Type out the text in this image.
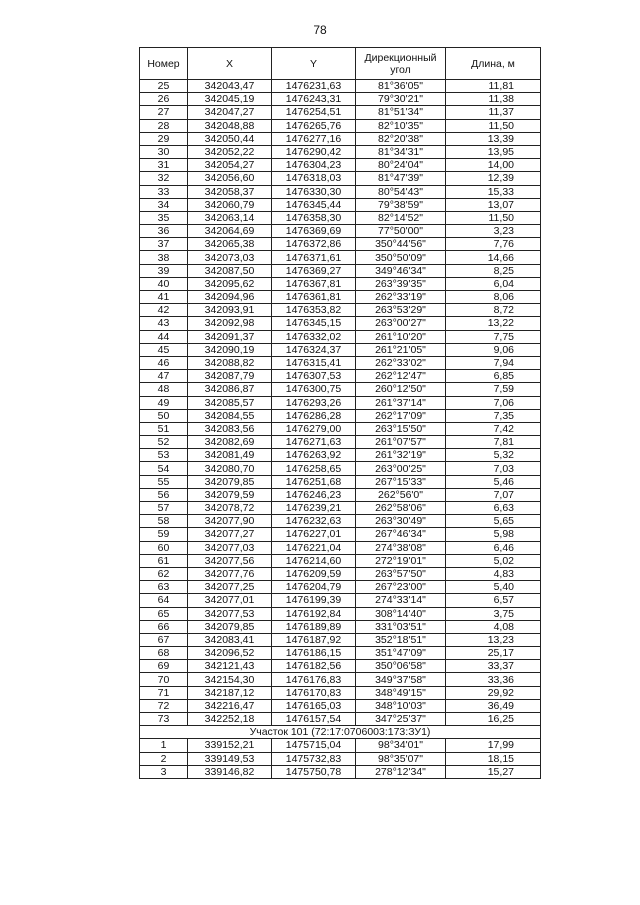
78
Номер	X	Y	Дирекционный угол	Длина, м
25	342043,47	1476231,63	81°36'05"	11,81
26	342045,19	1476243,31	79°30'21"	11,38
27	342047,27	1476254,51	81°51'34"	11,37
28	342048,88	1476265,76	82°10'35"	11,50
29	342050,44	1476277,16	82°20'38"	13,39
30	342052,22	1476290,42	81°34'31"	13,95
31	342054,27	1476304,23	80°24'04"	14,00
32	342056,60	1476318,03	81°47'39"	12,39
33	342058,37	1476330,30	80°54'43"	15,33
34	342060,79	1476345,44	79°38'59"	13,07
35	342063,14	1476358,30	82°14'52"	11,50
36	342064,69	1476369,69	77°50'00"	3,23
37	342065,38	1476372,86	350°44'56"	7,76
38	342073,03	1476371,61	350°50'09"	14,66
39	342087,50	1476369,27	349°46'34"	8,25
40	342095,62	1476367,81	263°39'35"	6,04
41	342094,96	1476361,81	262°33'19"	8,06
42	342093,91	1476353,82	263°53'29"	8,72
43	342092,98	1476345,15	263°00'27"	13,22
44	342091,37	1476332,02	261°10'20"	7,75
45	342090,19	1476324,37	261°21'05"	9,06
46	342088,82	1476315,41	262°33'02"	7,94
47	342087,79	1476307,53	262°12'47"	6,85
48	342086,87	1476300,75	260°12'50"	7,59
49	342085,57	1476293,26	261°37'14"	7,06
50	342084,55	1476286,28	262°17'09"	7,35
51	342083,56	1476279,00	263°15'50"	7,42
52	342082,69	1476271,63	261°07'57"	7,81
53	342081,49	1476263,92	261°32'19"	5,32
54	342080,70	1476258,65	263°00'25"	7,03
55	342079,85	1476251,68	267°15'33"	5,46
56	342079,59	1476246,23	262°56'0"	7,07
57	342078,72	1476239,21	262°58'06"	6,63
58	342077,90	1476232,63	263°30'49"	5,65
59	342077,27	1476227,01	267°46'34"	5,98
60	342077,03	1476221,04	274°38'08"	6,46
61	342077,56	1476214,60	272°19'01"	5,02
62	342077,76	1476209,59	263°57'50"	4,83
63	342077,25	1476204,79	267°23'00"	5,40
64	342077,01	1476199,39	274°33'14"	6,57
65	342077,53	1476192,84	308°14'40"	3,75
66	342079,85	1476189,89	331°03'51"	4,08
67	342083,41	1476187,92	352°18'51"	13,23
68	342096,52	1476186,15	351°47'09"	25,17
69	342121,43	1476182,56	350°06'58"	33,37
70	342154,30	1476176,83	349°37'58"	33,36
71	342187,12	1476170,83	348°49'15"	29,92
72	342216,47	1476165,03	348°10'03"	36,49
73	342252,18	1476157,54	347°25'37"	16,25
Участок 101 (72:17:0706003:173:ЗУ1)				
1	339152,21	1475715,04	98°34'01"	17,99
2	339149,53	1475732,83	98°35'07"	18,15
3	339146,82	1475750,78	278°12'34"	15,27
